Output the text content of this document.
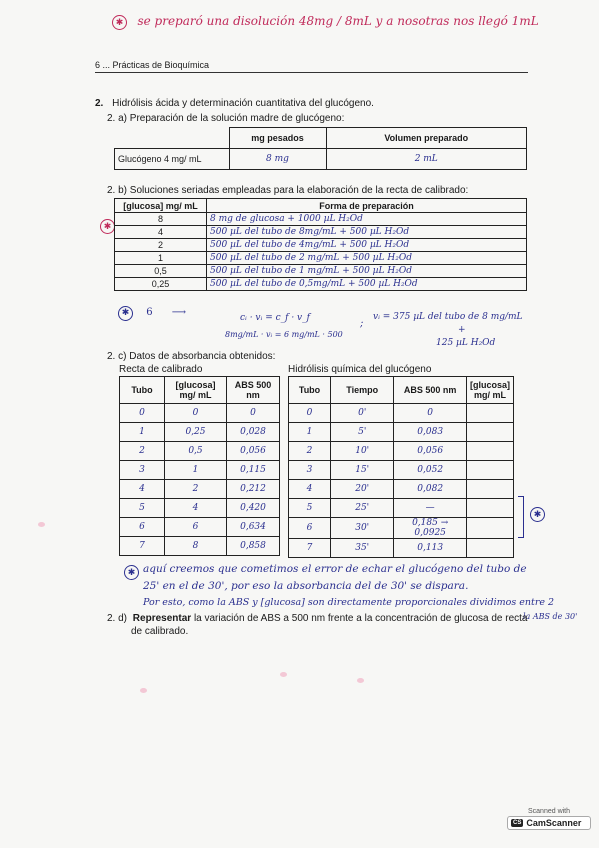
✱ se preparó una disolución 48mg / 8mL y a nosotras nos llegó 1mL
6 ... Prácticas de Bioquímica
2. Hidrólisis ácida y determinación cuantitativa del glucógeno.
2. a) Preparación de la solución madre de glucógeno:
	mg pesados	Volumen preparado
Glucógeno 4 mg/ mL	8 mg	2 mL
2. b) Soluciones seriadas empleadas para la elaboración de la recta de calibrado:
✱
[glucosa] mg/ mL	Forma de preparación
8	8 mg de glucosa + 1000 µL H₂Od
4	500 µL del tubo de 8mg/mL + 500 µL H₂Od
2	500 µL del tubo de 4mg/mL + 500 µL H₂Od
1	500 µL del tubo de 2 mg/mL + 500 µL H₂Od
0,5	500 µL del tubo de 1 mg/mL + 500 µL H₂Od
0,25	500 µL del tubo de 0,5mg/mL + 500 µL H₂Od
✱ 6 ⟶	cᵢ · vᵢ = c_f · v_f
8mg/mL · vᵢ = 6 mg/mL · 500
;
vᵢ = 375 µL del tubo de 8 mg/mL
+
125 µL H₂Od
2. c) Datos de absorbancia obtenidos:
Recta de calibrado	Hidrólisis química del glucógeno
Tubo	[glucosa] mg/ mL	ABS 500 nm
0	0	0
1	0,25	0,028
2	0,5	0,056
3	1	0,115
4	2	0,212
5	4	0,420
6	6	0,634
7	8	0,858
Tubo	Tiempo	ABS 500 nm	[glucosa] mg/ mL
0	0'	0	
1	5'	0,083	
2	10'	0,056	
3	15'	0,052	
4	20'	0,082	
5	25'	—	
6	30'	0,185 → 0,0925	
7	35'	0,113	
✱
✱ aquí creemos que cometimos el error de echar el glucógeno del tubo de
25' en el de 30', por eso la absorbancia del de 30' se dispara.
Por esto, como la ABS y [glucosa] son directamente proporcionales dividimos entre 2
la ABS de 30'
2. d) Representar la variación de ABS a 500 nm frente a la concentración de glucosa de recta
de calibrado.
Scanned with
CS CamScanner
